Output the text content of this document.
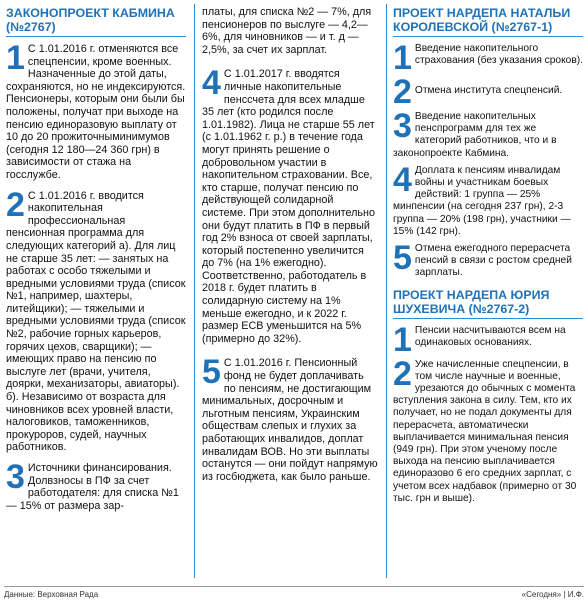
ЗАКОНОПРОЕКТ КАБМИНА (№2767)
1 С 1.01.2016 г. отменяются все спецпенсии, кроме военных. Назначенные до этой даты, сохраняются, но не индексируются. Пенсионеры, которым они были бы положены, получат при выходе на пенсию единоразовую выплату от 10 до 20 прожиточныминимумов (сегодня 12 180—24 360 грн) в зависимости от стажа на госслужбе.
2 С 1.01.2016 г. вводится накопительная профессиональная пенсионная программа для следующих категорий а). Для лиц не старше 35 лет: — занятых на работах с особо тяжелыми и вредными условиями труда (список №1, например, шахтеры, литейщики); — тяжелыми и вредными условиями труда (список №2, рабочие горных карьеров, горячих цехов, сварщики); — имеющих право на пенсию по выслуге лет (врачи, учителя, доярки, механизаторы, авиаторы). б). Независимо от возраста для чиновников всех уровней власти, налоговиков, таможенников, прокуроров, судей, научных работников.
3 Источники финансирования. Долвзносы в ПФ за счет работодателя: для списка №1 — 15% от размера зар-
платы, для списка №2 — 7%, для пенсионеров по выслуге — 4,2—6%, для чиновников — и т. д — 2,5%, за счет их зарплат.
4 С 1.01.2017 г. вводятся личные накопительные пенссчета для всех младше 35 лет (кто родился после 1.01.1982). Лица не старше 55 лет (с 1.01.1962 г. р.) в течение года могут принять решение о добровольном участии в накопительном страховании. Все, кто старше, получат пенсию по действующей солидарной системе. При этом дополнительно они будут платить в ПФ в первый год 2% взноса от своей зарплаты, который постепенно увеличится до 7% (на 1% ежегодно). Соответственно, работодатель в 2018 г. будет платить в солидарную систему на 1% меньше ежегодно, и к 2022 г. размер ЕСВ уменьшится на 5% (примерно до 32%).
5 С 1.01.2016 г. Пенсионный фонд не будет доплачивать по пенсиям, не достигающим минимальных, досрочным и льготным пенсиям, Украинским обществам слепых и глухих за работающих инвалидов, доплат инвалидам ВОВ. Но эти выплаты останутся — они пойдут напрямую из госбюджета, как было раньше.
ПРОЕКТ НАРДЕПА НАТАЛЬИ КОРОЛЕВСКОЙ (№2767-1)
1 Введение накопительного страхования (без указания сроков).
2 Отмена института спецпенсий.
3 Введение накопительных пенспрограмм для тех же категорий работников, что и в законопроекте Кабмина.
4 Доплата к пенсиям инвалидам войны и участникам боевых действий: 1 группа — 25% минпенсии (на сегодня 237 грн), 2-3 группа — 20% (198 грн), участники — 15% (142 грн).
5 Отмена ежегодного перерасчета пенсий в связи с ростом средней зарплаты.
ПРОЕКТ НАРДЕПА ЮРИЯ ШУХЕВИЧА (№2767-2)
1 Пенсии насчитываются всем на одинаковых основаниях.
2 Уже начисленные спецпенсии, в том числе научные и военные, урезаются до обычных с момента вступления закона в силу. Тем, кто их получает, но не подал документы для перерасчета, автоматически выплачивается минимальная пенсия (949 грн). При этом ученому после выхода на пенсию выплачивается единоразово 6 его средних зарплат, с учетом всех надбавок (примерно от 30 тыс. грн и выше).
Данные: Верховная Рада	«Сегодня» | И.Ф.
